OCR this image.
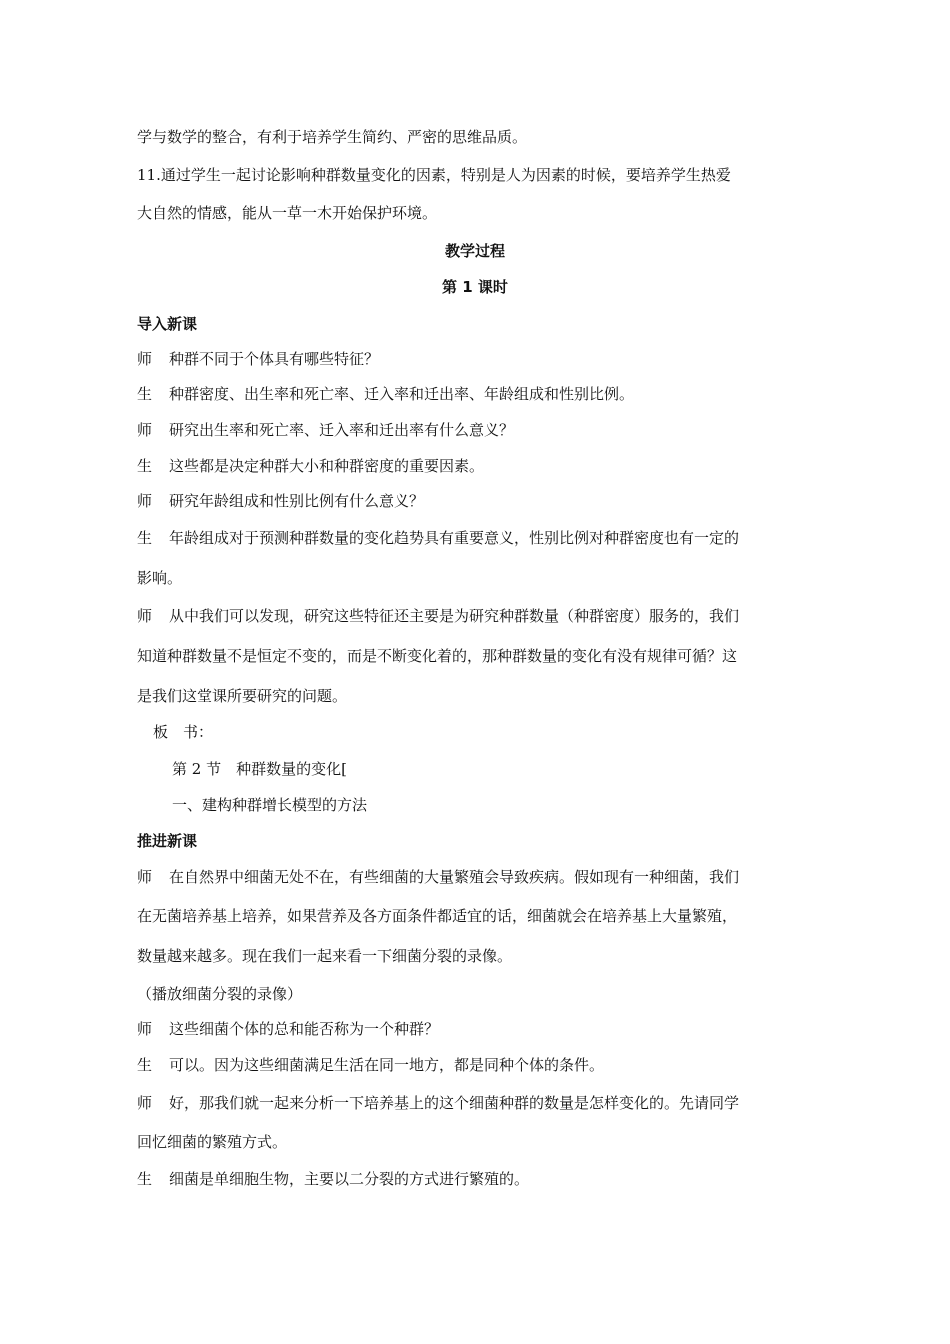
学与数学的整合，有利于培养学生简约、严密的思维品质。
11.通过学生一起讨论影响种群数量变化的因素，特别是人为因素的时候，要培养学生热爱
大自然的情感，能从一草一木开始保护环境。
教学过程
第 1 课时
导入新课
师 种群不同于个体具有哪些特征？
生 种群密度、出生率和死亡率、迁入率和迁出率、年龄组成和性别比例。
师 研究出生率和死亡率、迁入率和迁出率有什么意义？
生 这些都是决定种群大小和种群密度的重要因素。
师 研究年龄组成和性别比例有什么意义？
生 年龄组成对于预测种群数量的变化趋势具有重要意义，性别比例对种群密度也有一定的
影响。
师 从中我们可以发现，研究这些特征还主要是为研究种群数量（种群密度）服务的，我们
知道种群数量不是恒定不变的，而是不断变化着的，那种群数量的变化有没有规律可循？这
是我们这堂课所要研究的问题。
板　书：
第 2 节　种群数量的变化[
一、建构种群增长模型的方法
推进新课
师 在自然界中细菌无处不在，有些细菌的大量繁殖会导致疾病。假如现有一种细菌，我们
在无菌培养基上培养，如果营养及各方面条件都适宜的话，细菌就会在培养基上大量繁殖，
数量越来越多。现在我们一起来看一下细菌分裂的录像。
（播放细菌分裂的录像）
师 这些细菌个体的总和能否称为一个种群？
生 可以。因为这些细菌满足生活在同一地方，都是同种个体的条件。
师 好，那我们就一起来分析一下培养基上的这个细菌种群的数量是怎样变化的。先请同学
回忆细菌的繁殖方式。
生 细菌是单细胞生物，主要以二分裂的方式进行繁殖的。
